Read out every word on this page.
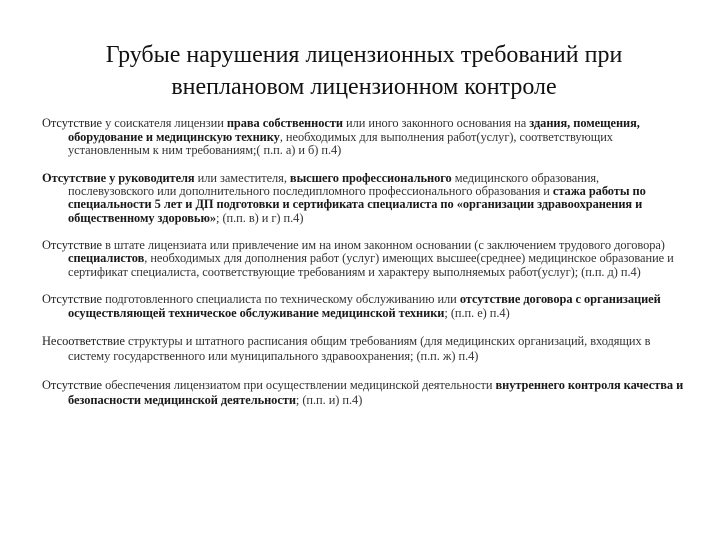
Грубые нарушения лицензионных требований при внеплановом лицензионном контроле

Отсутствие у соискателя лицензии права собственности или иного законного основания на здания, помещения, оборудование и медицинскую технику, необходимых для выполнения работ(услуг), соответствующих установленным к ним требованиям;( п.п. а) и б) п.4)

Отсутствие у руководителя или заместителя, высшего профессионального медицинского образования, послевузовского или дополнительного последипломного профессионального образования и стажа работы по специальности 5 лет и ДП подготовки и сертификата специалиста по «организации здравоохранения и общественному здоровью»; (п.п. в) и г) п.4)

Отсутствие в штате лицензиата или привлечение им на ином законном основании (с заключением трудового договора) специалистов, необходимых для дополнения работ (услуг) имеющих высшее(среднее) медицинское образование и сертификат специалиста, соответствующие требованиям и характеру выполняемых работ(услуг); (п.п. д) п.4)

Отсутствие подготовленного специалиста по техническому обслуживанию или отсутствие договора с организацией осуществляющей техническое обслуживание медицинской техники; (п.п. е) п.4)

Несоответствие структуры и штатного расписания общим требованиям (для медицинских организаций, входящих в систему государственного или муниципального здравоохранения; (п.п. ж) п.4)

Отсутствие обеспечения лицензиатом при осуществлении медицинской деятельности внутреннего контроля качества и безопасности медицинской деятельности; (п.п. и) п.4)
